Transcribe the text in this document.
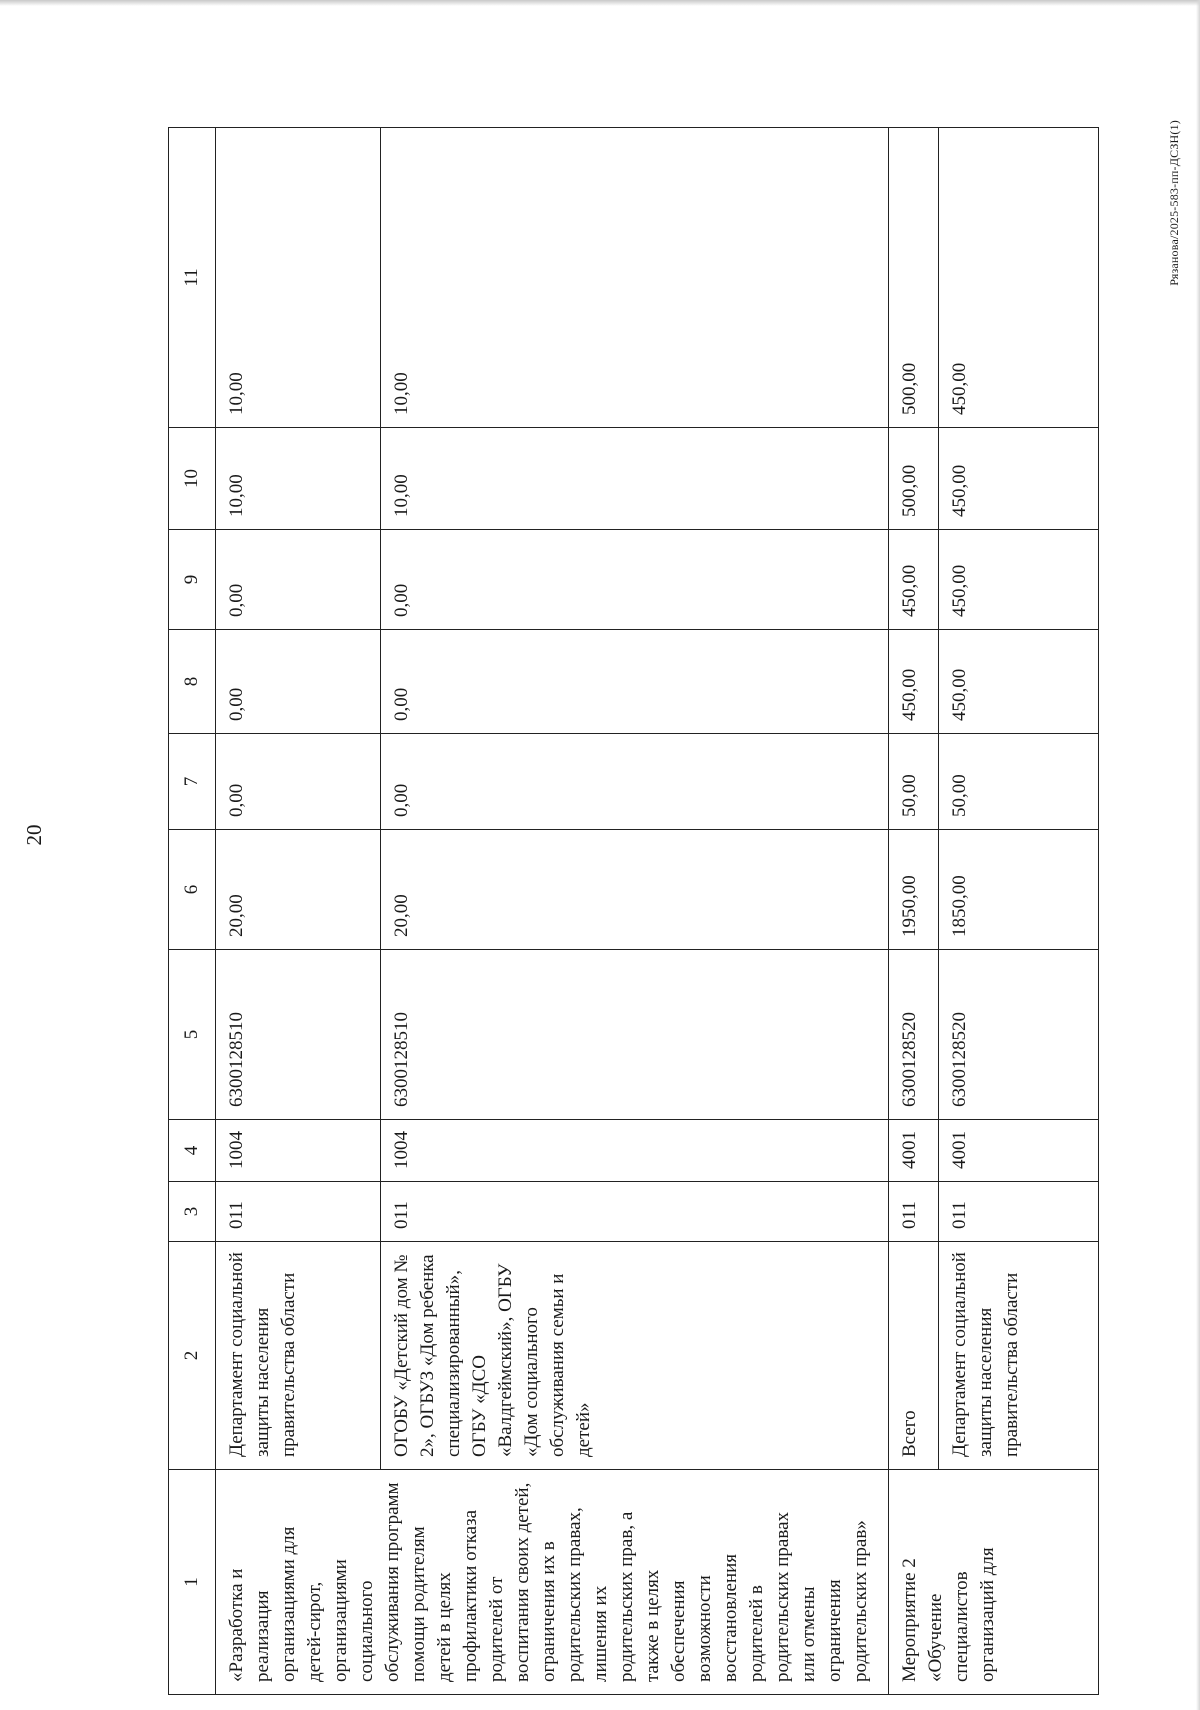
20
Рязанова/2025-583-пп-ДСЗН(1)
1	2	3	4	5	6	7	8	9	10	11

«Разработка и реализация организациями для детей-сирот, организациями социального обслуживания программ помощи родителям детей в целях профилактики отказа родителей от воспитания своих детей, ограничения их в родительских правах, лишения их родительских прав, а также в целях обеспечения возможности восстановления родителей в родительских правах или отмены ограничения родительских прав»	Департамент социальной защиты населения правительства области	011	1004	6300128510	20,00	0,00	0,00	0,00	10,00	10,00

	ОГОБУ «Детский дом № 2», ОГБУЗ «Дом ребенка специализированный», ОГБУ «ДСО «Валдгеймский», ОГБУ «Дом социального обслуживания семьи и детей»	011	1004	6300128510	20,00	0,00	0,00	0,00	10,00	10,00

Мероприятие 2 «Обучение специалистов организаций для	Всего	011	4001	6300128520	1950,00	50,00	450,00	450,00	500,00	500,00

	Департамент социальной защиты населения правительства области	011	4001	6300128520	1850,00	50,00	450,00	450,00	450,00	450,00
